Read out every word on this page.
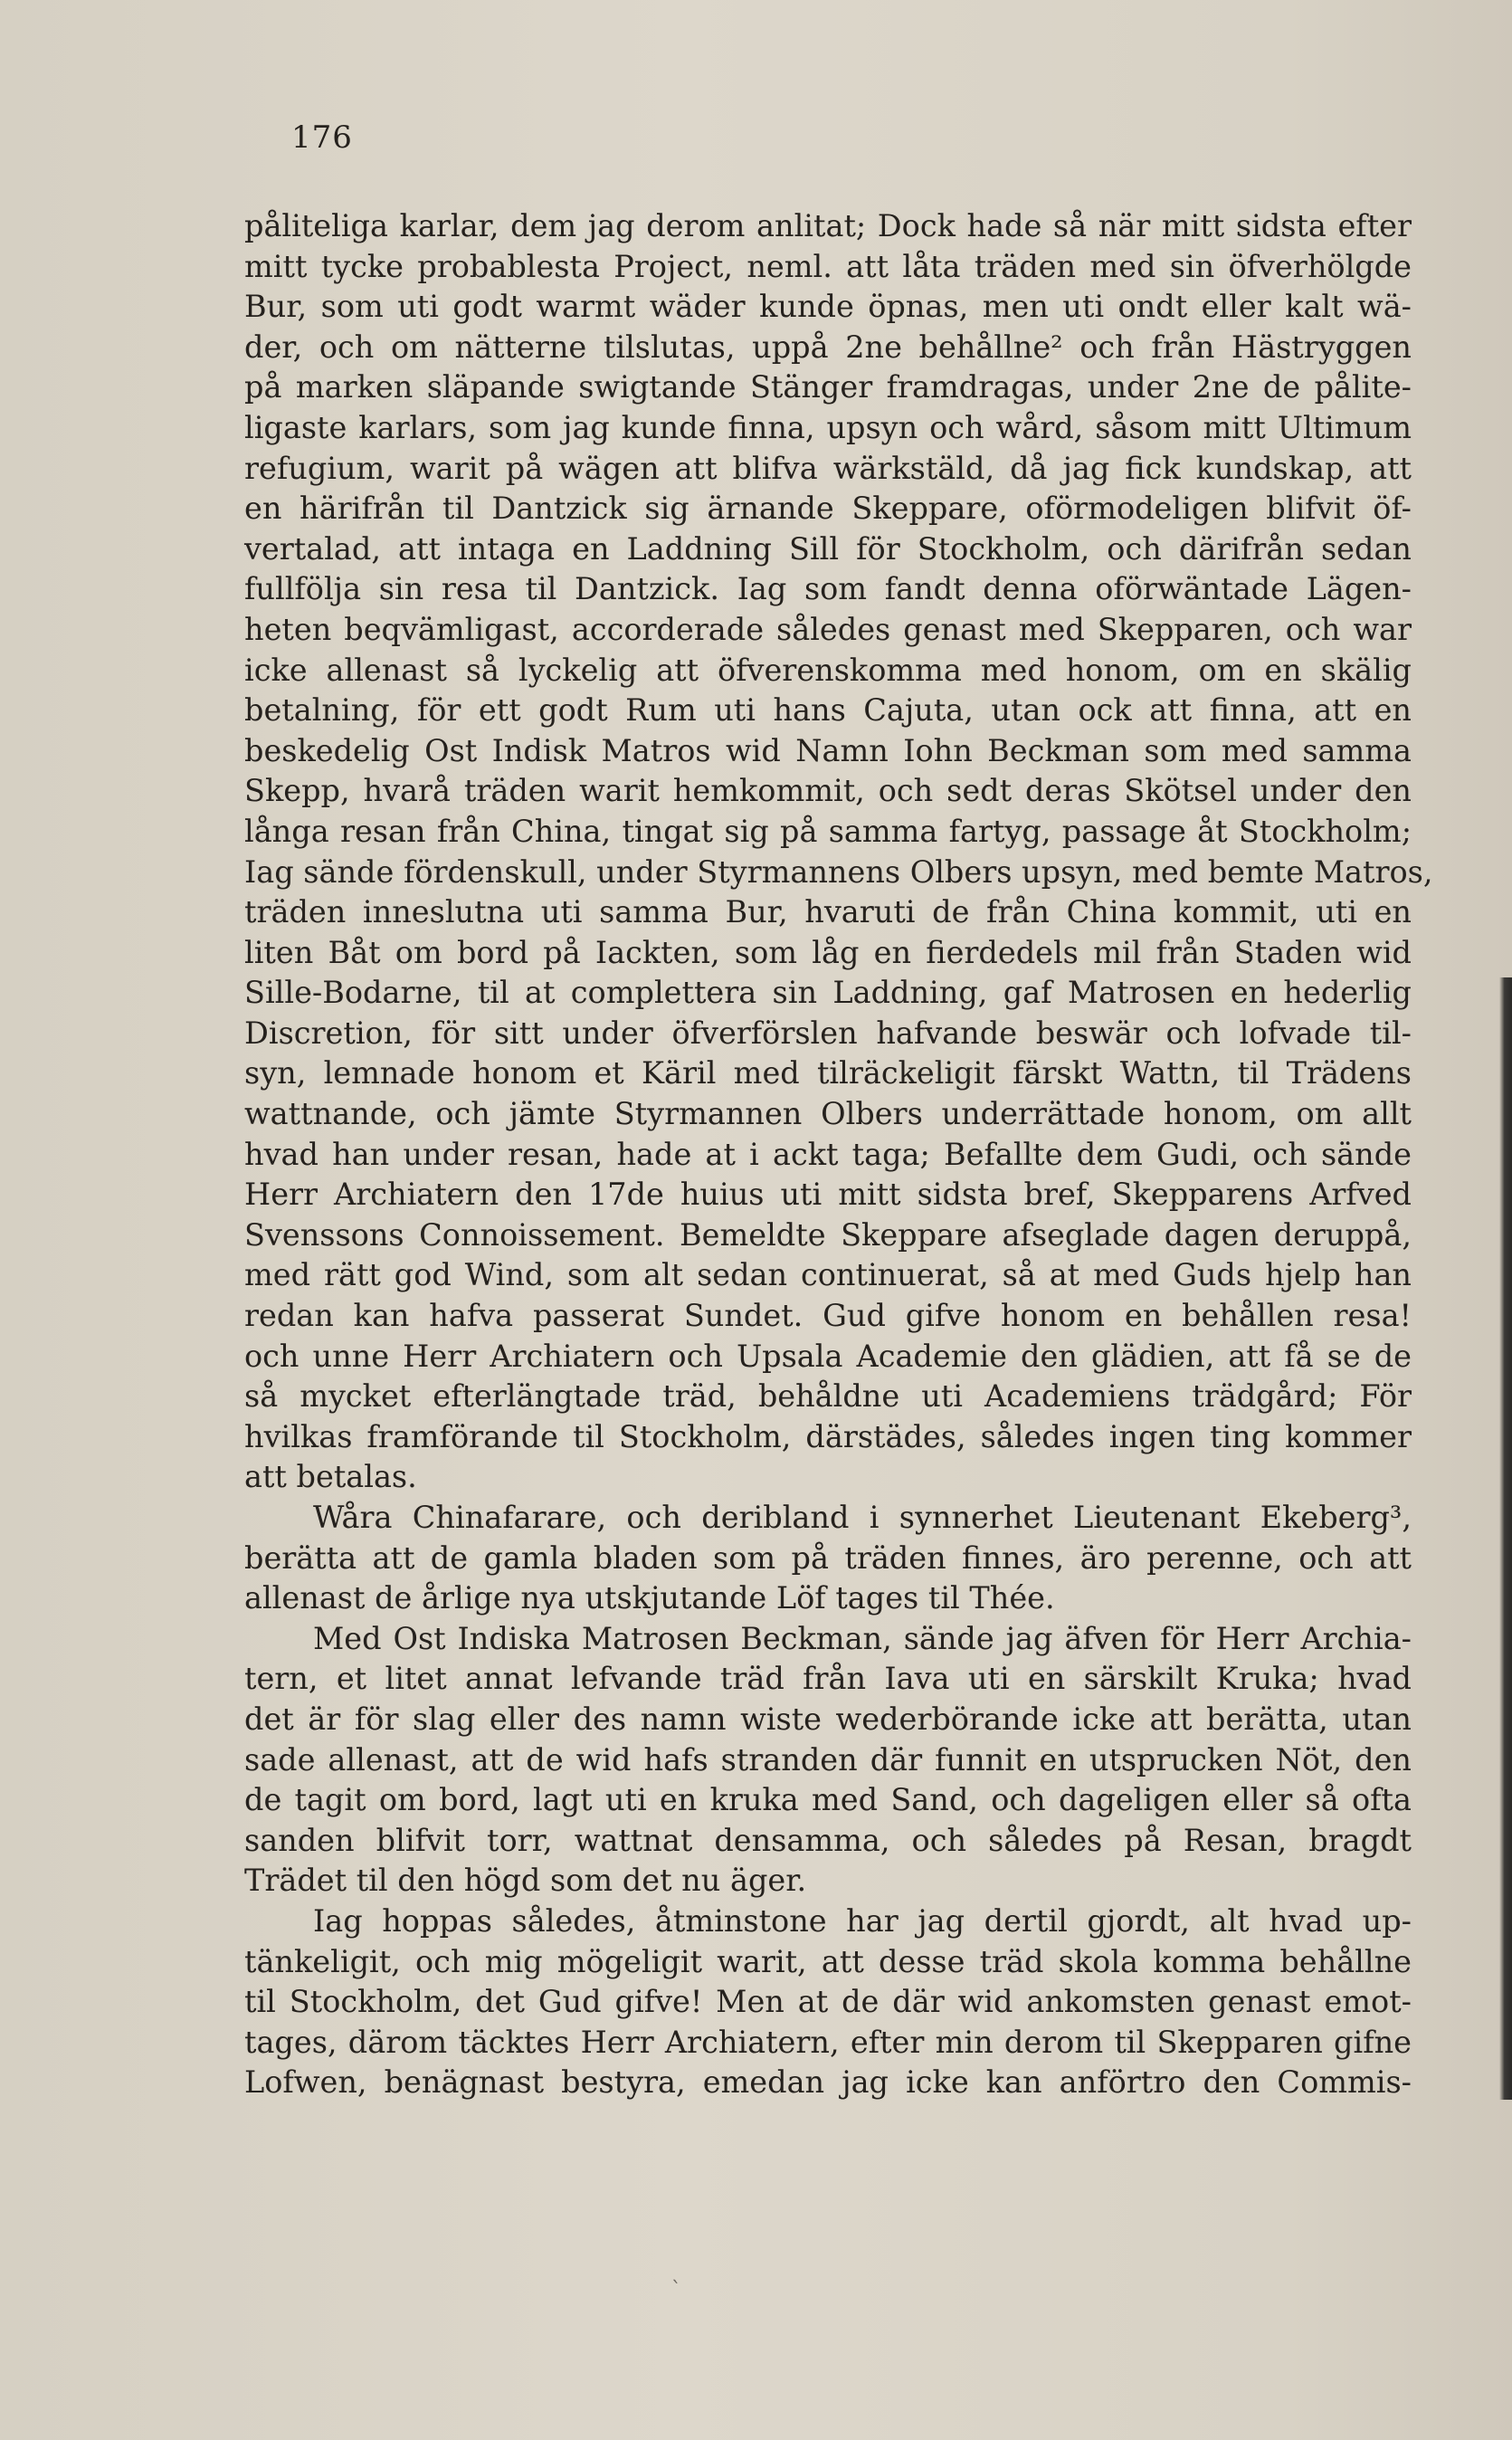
176
påliteliga karlar, dem jag derom anlitat; Dock hade så när mitt sidsta efter
mitt tycke probablesta Project, neml. att låta träden med sin öfverhölgde
Bur, som uti godt warmt wäder kunde öpnas, men uti ondt eller kalt wä-
der, och om nätterne tilslutas, uppå 2ne behållne² och från Hästryggen
på marken släpande swigtande Stänger framdragas, under 2ne de pålite-
ligaste karlars, som jag kunde finna, upsyn och wård, såsom mitt Ultimum
refugium, warit på wägen att blifva wärkstäld, då jag fick kundskap, att
en härifrån til Dantzick sig ärnande Skeppare, oförmodeligen blifvit öf-
vertalad, att intaga en Laddning Sill för Stockholm, och därifrån sedan
fullfölja sin resa til Dantzick. Iag som fandt denna oförwäntade Lägen-
heten beqvämligast, accorderade således genast med Skepparen, och war
icke allenast så lyckelig att öfverenskomma med honom, om en skälig
betalning, för ett godt Rum uti hans Cajuta, utan ock att finna, att en
beskedelig Ost Indisk Matros wid Namn Iohn Beckman som med samma
Skepp, hvarå träden warit hemkommit, och sedt deras Skötsel under den
långa resan från China, tingat sig på samma fartyg, passage åt Stockholm;
Iag sände fördenskull, under Styrmannens Olbers upsyn, med bemte Matros,
träden inneslutna uti samma Bur, hvaruti de från China kommit, uti en
liten Båt om bord på Iackten, som låg en fierdedels mil från Staden wid
Sille-Bodarne, til at complettera sin Laddning, gaf Matrosen en hederlig
Discretion, för sitt under öfverförslen hafvande beswär och lofvade til-
syn, lemnade honom et Käril med tilräckeligit färskt Wattn, til Trädens
wattnande, och jämte Styrmannen Olbers underrättade honom, om allt
hvad han under resan, hade at i ackt taga; Befallte dem Gudi, och sände
Herr Archiatern den 17de huius uti mitt sidsta bref, Skepparens Arfved
Svenssons Connoissement. Bemeldte Skeppare afseglade dagen deruppå,
med rätt god Wind, som alt sedan continuerat, så at med Guds hjelp han
redan kan hafva passerat Sundet. Gud gifve honom en behållen resa!
och unne Herr Archiatern och Upsala Academie den glädien, att få se de
så mycket efterlängtade träd, behåldne uti Academiens trädgård; För
hvilkas framförande til Stockholm, därstädes, således ingen ting kommer
att betalas.
Wåra Chinafarare, och deribland i synnerhet Lieutenant Ekeberg³,
berätta att de gamla bladen som på träden finnes, äro perenne, och att
allenast de årlige nya utskjutande Löf tages til Thée.
Med Ost Indiska Matrosen Beckman, sände jag äfven för Herr Archia-
tern, et litet annat lefvande träd från Iava uti en särskilt Kruka; hvad
det är för slag eller des namn wiste wederbörande icke att berätta, utan
sade allenast, att de wid hafs stranden där funnit en utsprucken Nöt, den
de tagit om bord, lagt uti en kruka med Sand, och dageligen eller så ofta
sanden blifvit torr, wattnat densamma, och således på Resan, bragdt
Trädet til den högd som det nu äger.
Iag hoppas således, åtminstone har jag dertil gjordt, alt hvad up-
tänkeligit, och mig mögeligit warit, att desse träd skola komma behållne
til Stockholm, det Gud gifve! Men at de där wid ankomsten genast emot-
tages, därom täcktes Herr Archiatern, efter min derom til Skepparen gifne
Lofwen, benägnast bestyra, emedan jag icke kan anförtro den Commis-
`
